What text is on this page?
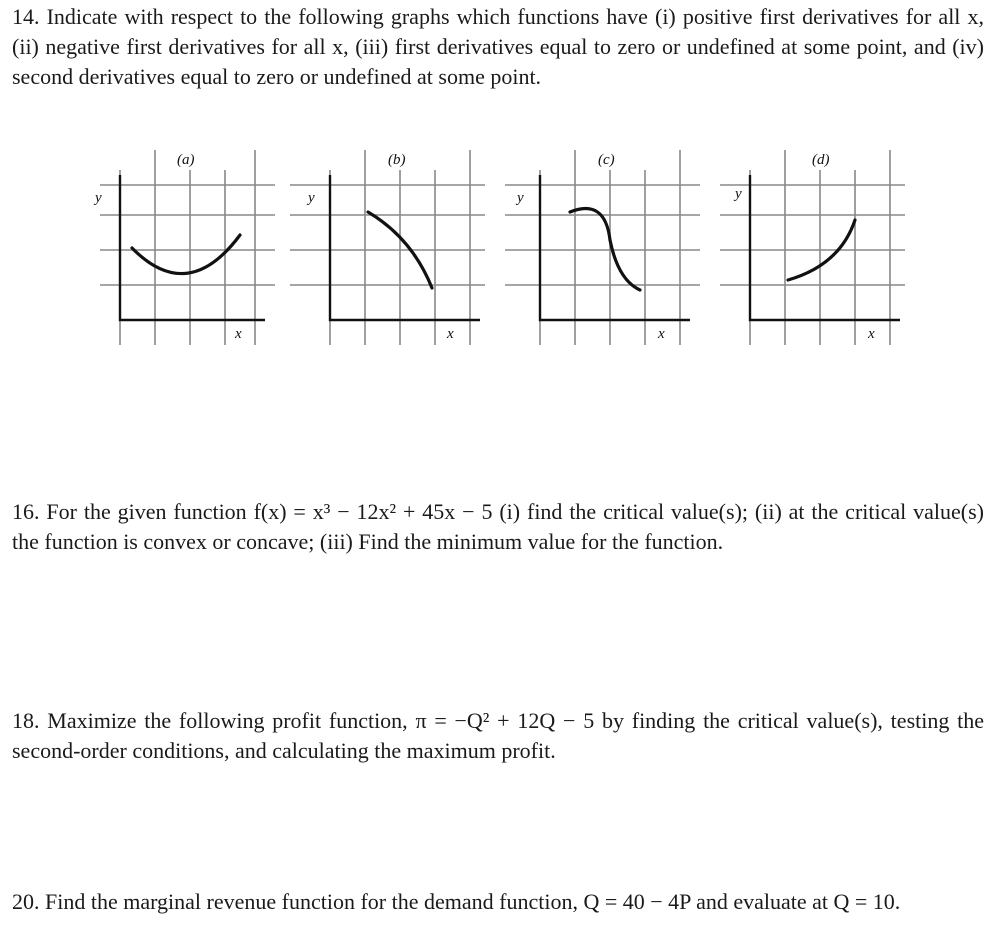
14. Indicate with respect to the following graphs which functions have (i) positive first derivatives for all x, (ii) negative first derivatives for all x, (iii) first derivatives equal to zero or undefined at some point, and (iv) second derivatives equal to zero or undefined at some point.

(a)
y
x
(b)
y
x
(c)
y
x
(d)
y
x

16. For the given function f(x) = x³ − 12x² + 45x − 5 (i) find the critical value(s); (ii) at the critical value(s) the function is convex or concave; (iii) Find the minimum value for the function.

18. Maximize the following profit function, π = −Q² + 12Q − 5 by finding the critical value(s), testing the second-order conditions, and calculating the maximum profit.

20. Find the marginal revenue function for the demand function, Q = 40 − 4P and evaluate at Q = 10.
